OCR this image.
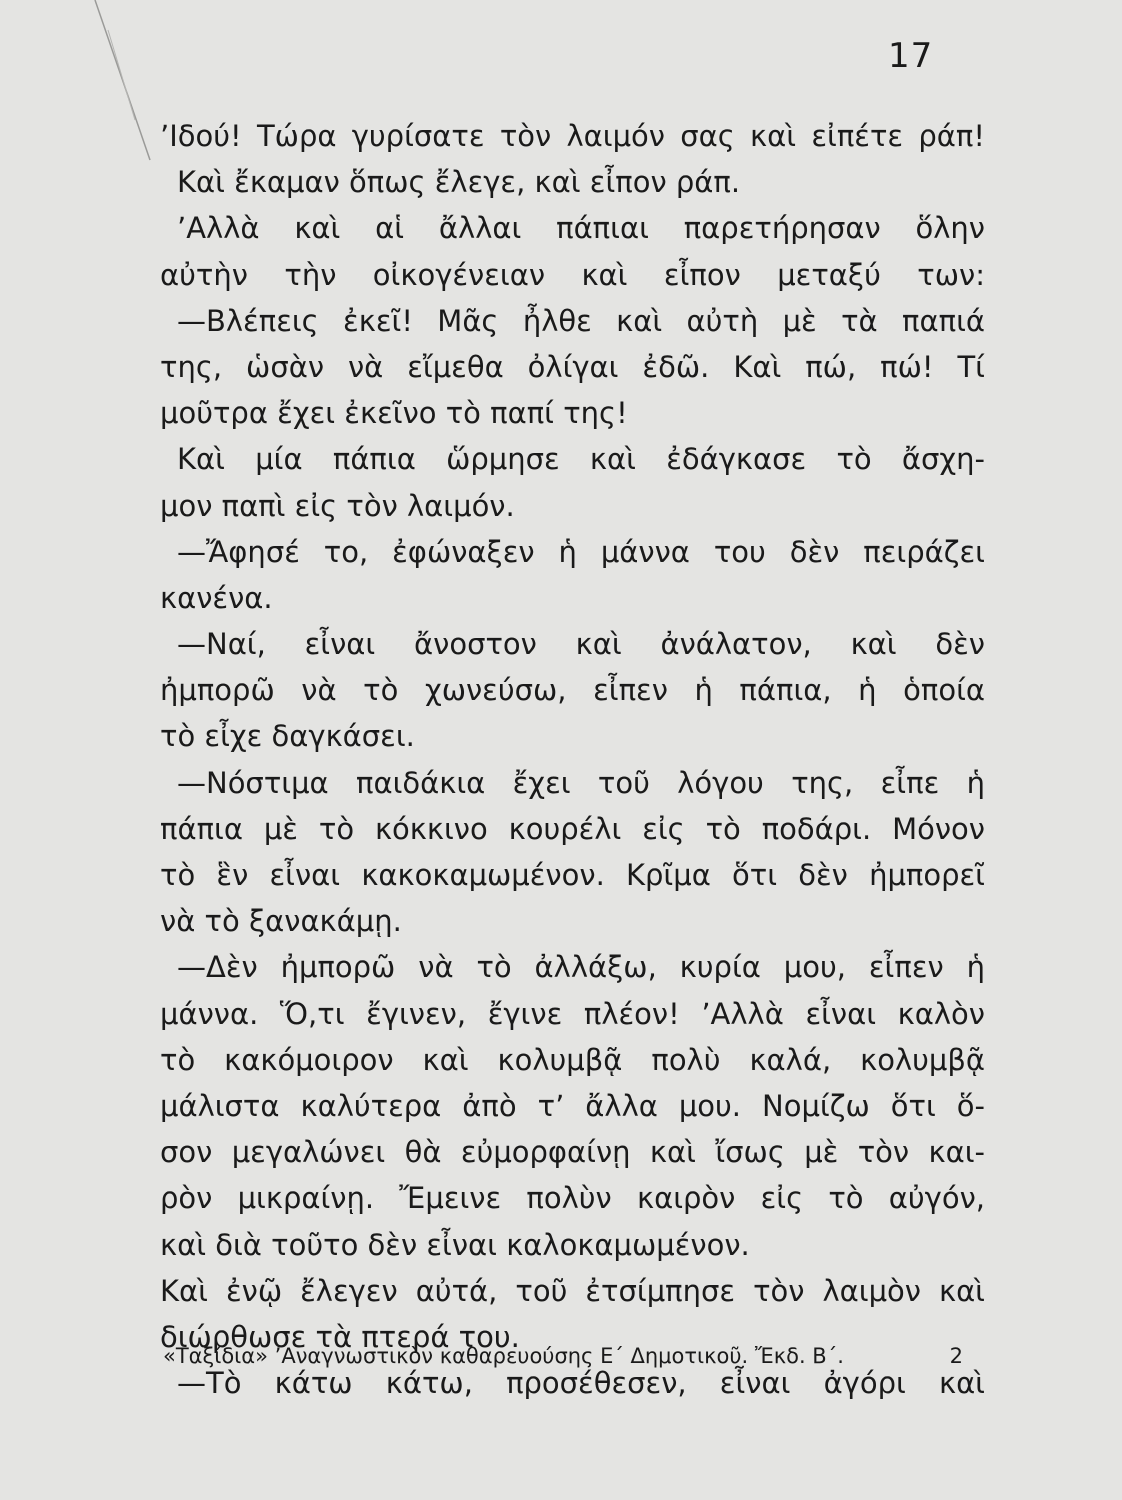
17
’Ιδού! Τώρα γυρίσατε τὸν λαιμόν σας καὶ εἰπέτε ράπ!
Καὶ ἔκαμαν ὅπως ἔλεγε, καὶ εἶπον ράπ.
’Αλλὰ καὶ αἱ ἄλλαι πάπιαι παρετήρησαν ὅλην
αὐτὴν τὴν οἰκογένειαν καὶ εἶπον μεταξύ των:
—Βλέπεις ἐκεῖ! Μᾶς ἦλθε καὶ αὐτὴ μὲ τὰ παπιά
της, ὡσὰν νὰ εἴμεθα ὀλίγαι ἐδῶ. Καὶ πώ, πώ! Τί
μοῦτρα ἔχει ἐκεῖνο τὸ παπί της!
Καὶ μία πάπια ὥρμησε καὶ ἐδάγκασε τὸ ἄσχη-
μον παπὶ εἰς τὸν λαιμόν.
—Ἄφησέ το, ἐφώναξεν ἡ μάννα του δὲν πειράζει
κανένα.
—Ναί, εἶναι ἄνοστον καὶ ἀνάλατον, καὶ δὲν
ἠμπορῶ νὰ τὸ χωνεύσω, εἶπεν ἡ πάπια, ἡ ὁποία
τὸ εἶχε δαγκάσει.
—Νόστιμα παιδάκια ἔχει τοῦ λόγου της, εἶπε ἡ
πάπια μὲ τὸ κόκκινο κουρέλι εἰς τὸ ποδάρι. Μόνον
τὸ ἓν εἶναι κακοκαμωμένον. Κρῖμα ὅτι δὲν ἠμπορεῖ
νὰ τὸ ξανακάμῃ.
—Δὲν ἠμπορῶ νὰ τὸ ἀλλάξω, κυρία μου, εἶπεν ἡ
μάννα. Ὅ,τι ἔγινεν, ἔγινε πλέον! ’Αλλὰ εἶναι καλὸν
τὸ κακόμοιρον καὶ κολυμβᾷ πολὺ καλά, κολυμβᾷ
μάλιστα καλύτερα ἀπὸ τ’ ἄλλα μου. Νομίζω ὅτι ὅ-
σον μεγαλώνει θὰ εὐμορφαίνῃ καὶ ἴσως μὲ τὸν και-
ρὸν μικραίνῃ. Ἔμεινε πολὺν καιρὸν εἰς τὸ αὐγόν,
καὶ διὰ τοῦτο δὲν εἶναι καλοκαμωμένον.
Καὶ ἐνῷ ἔλεγεν αὐτά, τοῦ ἐτσίμπησε τὸν λαιμὸν καὶ
διώρθωσε τὰ πτερά του.
—Τὸ κάτω κάτω, προσέθεσεν, εἶναι ἀγόρι καὶ
«Ταξίδια» ’Αναγνωστικὸν καθαρευούσης Ε΄ Δημοτικοῦ. Ἔκδ. Β΄.	2
